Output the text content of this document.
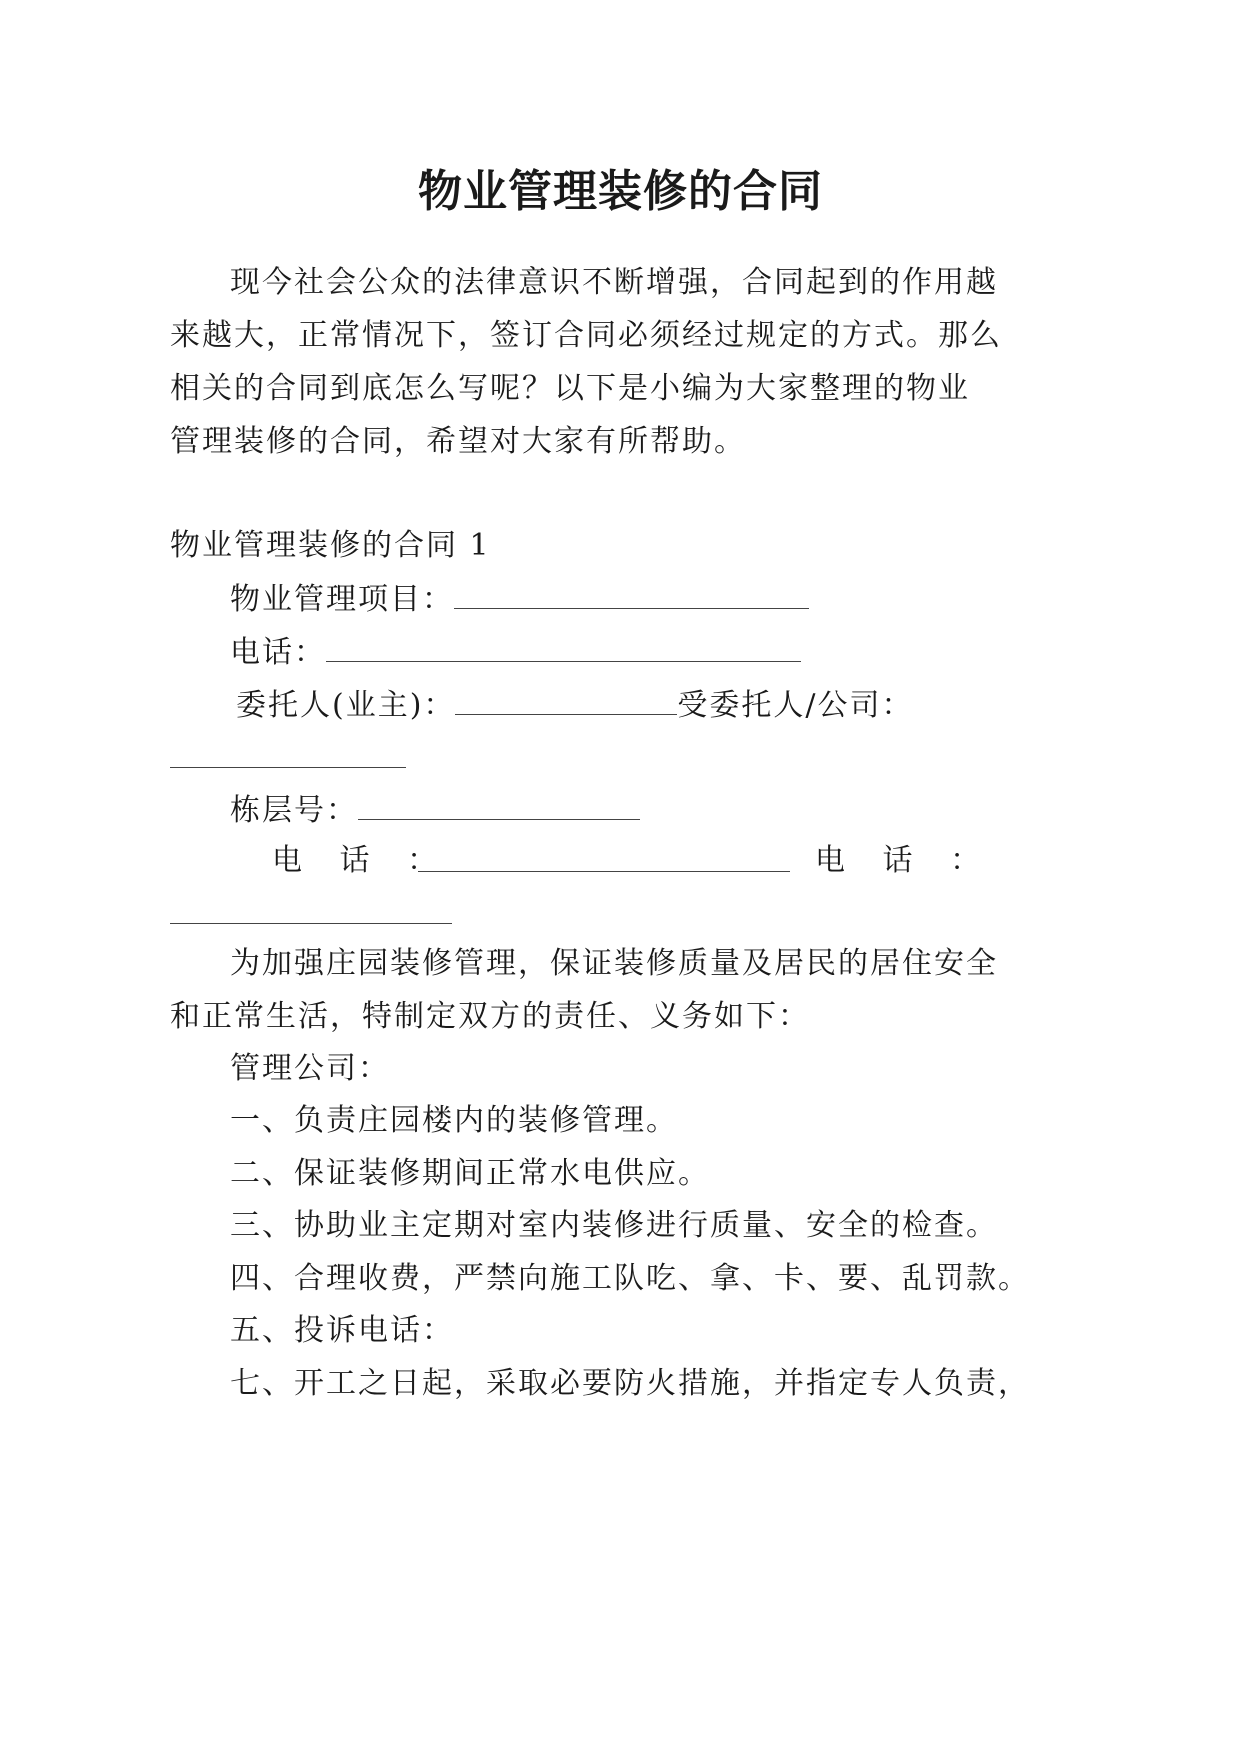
物业管理装修的合同
现今社会公众的法律意识不断增强，合同起到的作用越
来越大，正常情况下，签订合同必须经过规定的方式。那么
相关的合同到底怎么写呢？以下是小编为大家整理的物业
管理装修的合同，希望对大家有所帮助。
物业管理装修的合同 1
物业管理项目：
电话：
委托人(业主)：	受委托人/公司：
栋层号：
电 话 ：	电 话 ：
为加强庄园装修管理，保证装修质量及居民的居住安全
和正常生活，特制定双方的责任、义务如下：
管理公司：
一、负责庄园楼内的装修管理。
二、保证装修期间正常水电供应。
三、协助业主定期对室内装修进行质量、安全的检查。
四、合理收费，严禁向施工队吃、拿、卡、要、乱罚款。
五、投诉电话：
七、开工之日起，采取必要防火措施，并指定专人负责，
